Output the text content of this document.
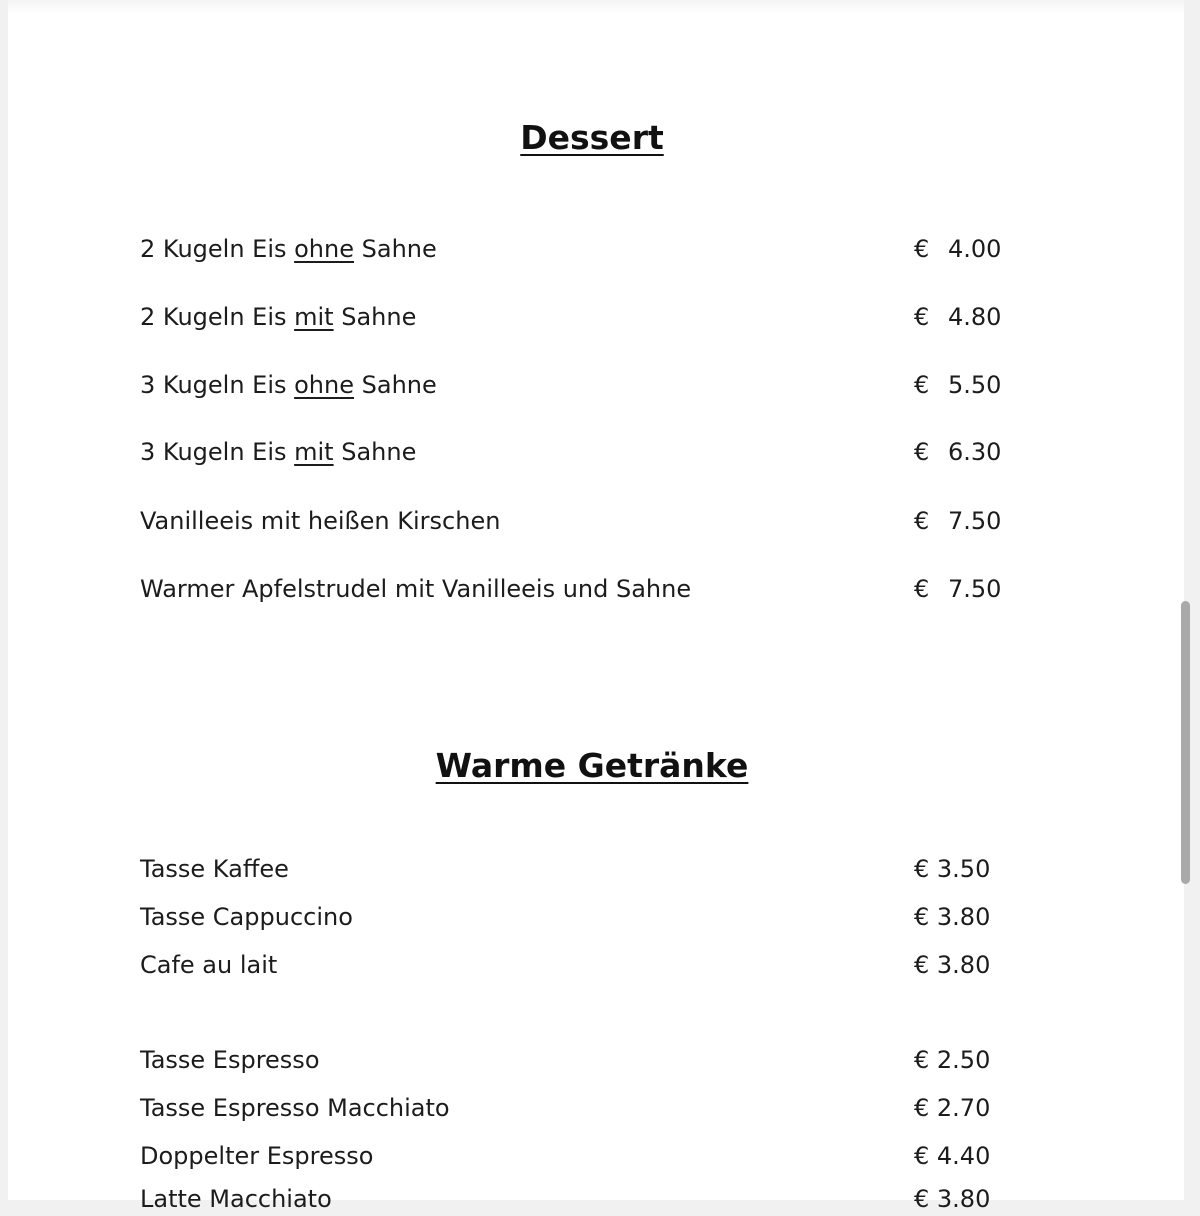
Dessert
2 Kugeln Eis ohne Sahne	€ 4.00
2 Kugeln Eis mit Sahne	€ 4.80
3 Kugeln Eis ohne Sahne	€ 5.50
3 Kugeln Eis mit Sahne	€ 6.30
Vanilleeis mit heißen Kirschen	€ 7.50
Warmer Apfelstrudel mit Vanilleeis und Sahne	€ 7.50
Warme Getränke
Tasse Kaffee	€ 3.50
Tasse Cappuccino	€ 3.80
Cafe au lait	€ 3.80
Tasse Espresso	€ 2.50
Tasse Espresso Macchiato	€ 2.70
Doppelter Espresso	€ 4.40
Latte Macchiato	€ 3.80
